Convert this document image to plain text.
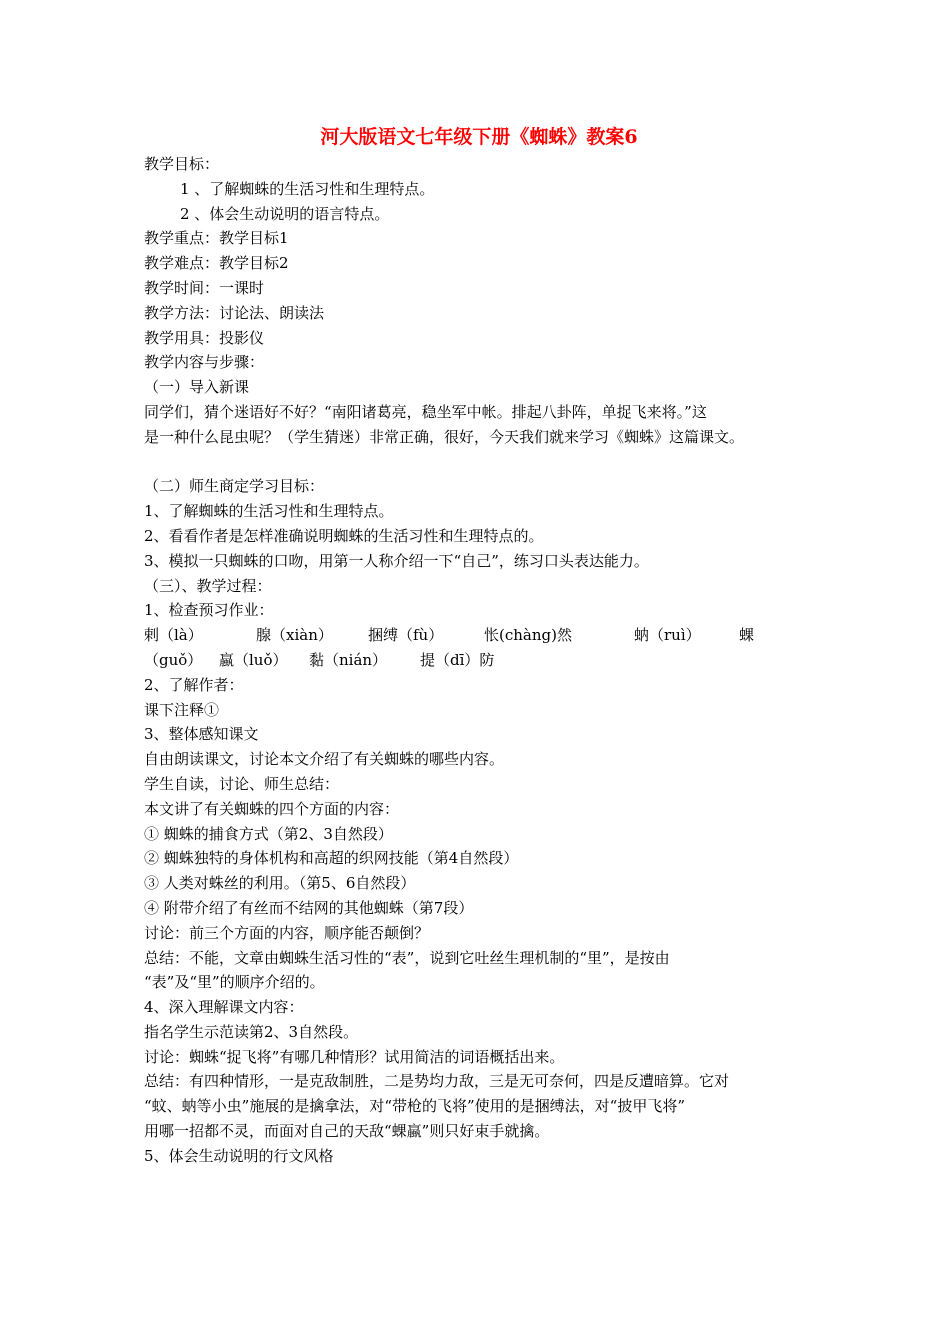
河大版语文七年级下册《蜘蛛》教案6
教学目标：
1 、了解蜘蛛的生活习性和生理特点。
2 、体会生动说明的语言特点。
教学重点：教学目标1
教学难点：教学目标2
教学时间：一课时
教学方法：讨论法、朗读法
教学用具：投影仪
教学内容与步骤：
（一）导入新课
同学们，猜个迷语好不好？“南阳诸葛亮，稳坐军中帐。排起八卦阵，单捉飞来将。”这
是一种什么昆虫呢？（学生猜迷）非常正确，很好，今天我们就来学习《蜘蛛》这篇课文。
（二）师生商定学习目标：
1、了解蜘蛛的生活习性和生理特点。
2、看看作者是怎样准确说明蜘蛛的生活习性和生理特点的。
3、模拟一只蜘蛛的口吻，用第一人称介绍一下“自己”，练习口头表达能力。
（三）、教学过程：
1、检查预习作业：
剌（là）	腺（xiàn） 捆缚（fù）	怅(chàng)然	蚋（ruì）	蜾
（guǒ） 蠃（luǒ） 黏（nián） 提（dī）防
2、了解作者：
课下注释①
3、整体感知课文
自由朗读课文，讨论本文介绍了有关蜘蛛的哪些内容。
学生自读，讨论、师生总结：
本文讲了有关蜘蛛的四个方面的内容：
① 蜘蛛的捕食方式（第2、3自然段）
② 蜘蛛独特的身体机构和高超的织网技能（第4自然段）
③ 人类对蛛丝的利用。（第5、6自然段）
④ 附带介绍了有丝而不结网的其他蜘蛛（第7段）
讨论：前三个方面的内容，顺序能否颠倒？
总结：不能，文章由蜘蛛生活习性的“表”，说到它吐丝生理机制的“里”，是按由
“表”及“里”的顺序介绍的。
4、深入理解课文内容：
指名学生示范读第2、3自然段。
讨论：蜘蛛“捉飞将”有哪几种情形？试用简洁的词语概括出来。
总结：有四种情形，一是克敌制胜，二是势均力敌，三是无可奈何，四是反遭暗算。它对
“蚊、蚋等小虫”施展的是擒拿法，对“带枪的飞将”使用的是捆缚法，对“披甲飞将”
用哪一招都不灵，而面对自己的天敌“蜾蠃”则只好束手就擒。
5、体会生动说明的行文风格
